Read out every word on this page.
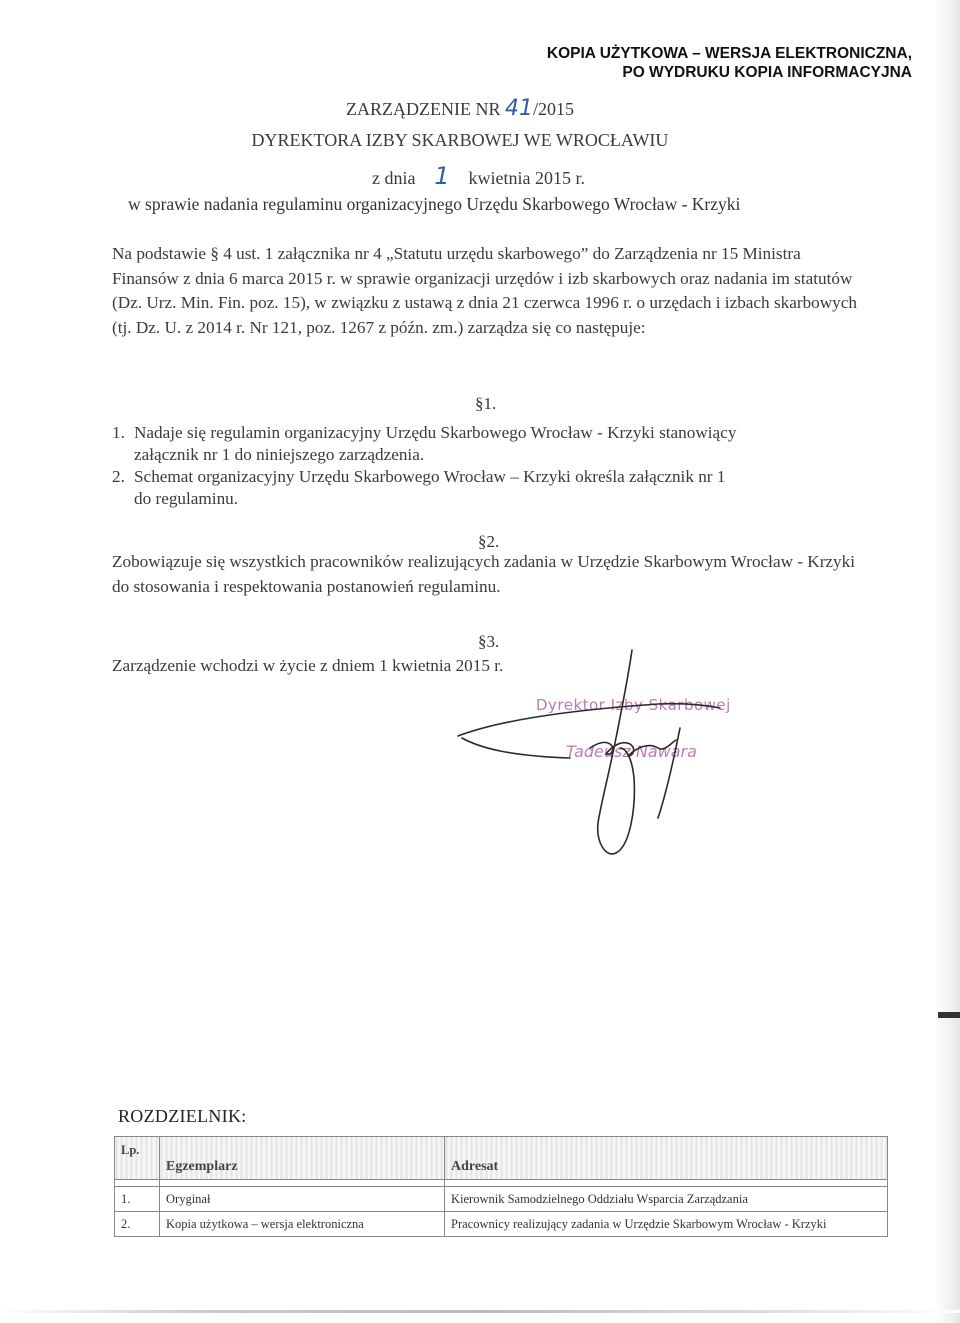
KOPIA UŻYTKOWA – WERSJA ELEKTRONICZNA,
PO WYDRUKU KOPIA INFORMACYJNA
ZARZĄDZENIE NR 41/2015
DYREKTORA IZBY SKARBOWEJ WE WROCŁAWIU
z dnia 1 kwietnia 2015 r.
w sprawie nadania regulaminu organizacyjnego Urzędu Skarbowego Wrocław - Krzyki
Na podstawie § 4 ust. 1 załącznika nr 4 „Statutu urzędu skarbowego” do Zarządzenia nr 15 Ministra Finansów z dnia 6 marca 2015 r. w sprawie organizacji urzędów i izb skarbowych oraz nadania im statutów (Dz. Urz. Min. Fin. poz. 15), w związku z ustawą z dnia 21 czerwca 1996 r. o urzędach i izbach skarbowych (tj. Dz. U. z 2014 r. Nr 121, poz. 1267 z późn. zm.) zarządza się co następuje:
§1.
1. Nadaje się regulamin organizacyjny Urzędu Skarbowego Wrocław - Krzyki stanowiący
załącznik nr 1 do niniejszego zarządzenia.
2. Schemat organizacyjny Urzędu Skarbowego Wrocław – Krzyki określa załącznik nr 1
do regulaminu.
§2.
Zobowiązuje się wszystkich pracowników realizujących zadania w Urzędzie Skarbowym Wrocław - Krzyki do stosowania i respektowania postanowień regulaminu.
§3.
Zarządzenie wchodzi w życie z dniem 1 kwietnia 2015 r.
Dyrektor Izby Skarbowej
Tadeusz Nawara
ROZDZIELNIK:
Lp.	Egzemplarz	Adresat

1.	Oryginał	Kierownik Samodzielnego Oddziału Wsparcia Zarządzania
2.	Kopia użytkowa – wersja elektroniczna	Pracownicy realizujący zadania w Urzędzie Skarbowym Wrocław - Krzyki
